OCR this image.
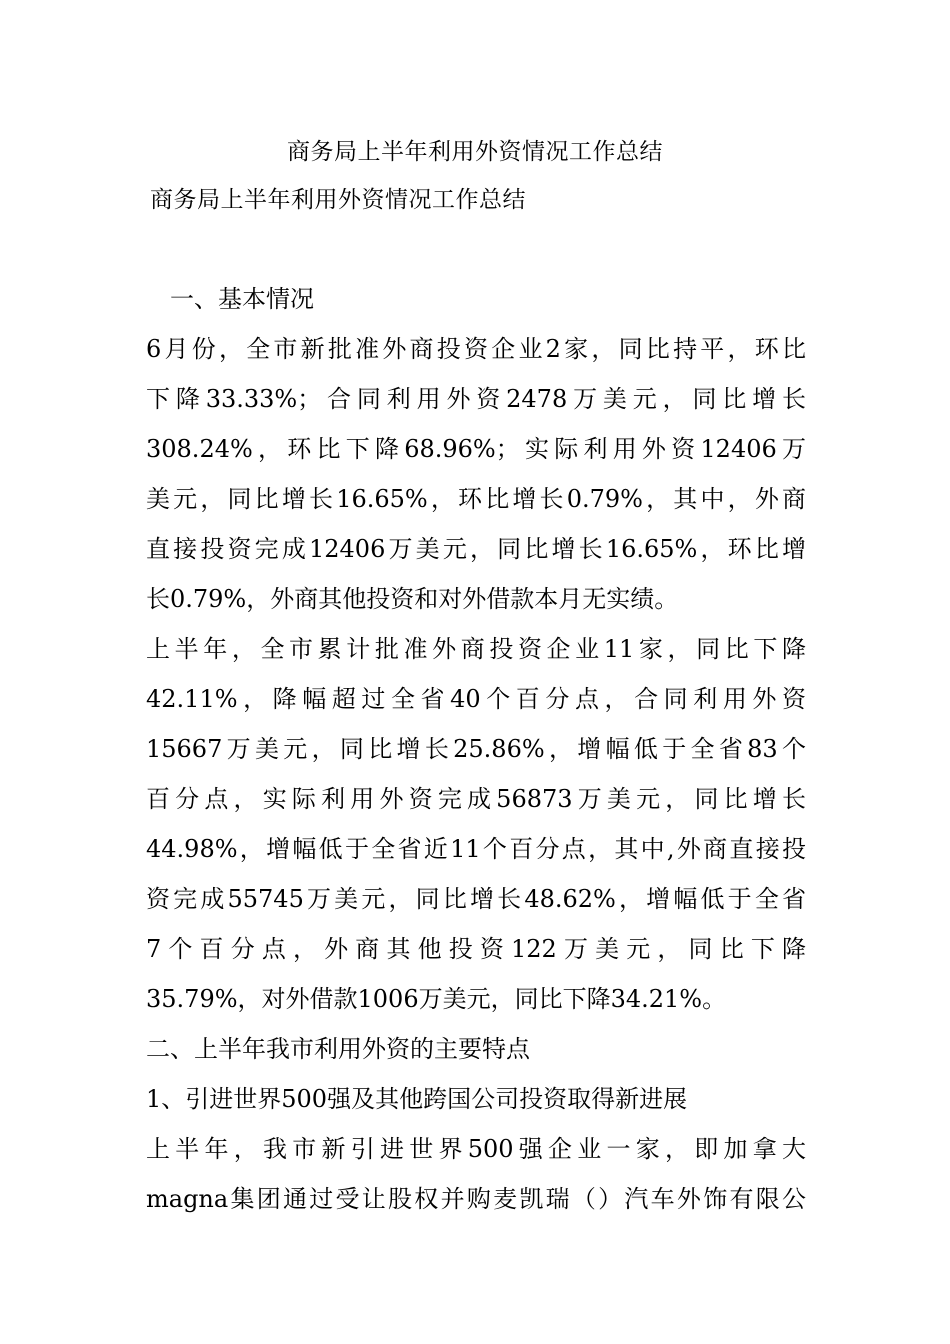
商务局上半年利用外资情况工作总结
商务局上半年利用外资情况工作总结
　一、基本情况
6月份，全市新批准外商投资企业2家，同比持平，环比
下降33.33%；合同利用外资2478万美元，同比增长
308.24%，环比下降68.96%；实际利用外资12406万
美元，同比增长16.65%，环比增长0.79%，其中，外商
直接投资完成12406万美元，同比增长16.65%，环比增
长0.79%，外商其他投资和对外借款本月无实绩。
上半年，全市累计批准外商投资企业11家，同比下降
42.11%，降幅超过全省40个百分点，合同利用外资
15667万美元，同比增长25.86%，增幅低于全省83个
百分点，实际利用外资完成56873万美元，同比增长
44.98%，增幅低于全省近11个百分点，其中,外商直接投
资完成55745万美元，同比增长48.62%，增幅低于全省
7个百分点，外商其他投资122万美元，同比下降
35.79%，对外借款1006万美元，同比下降34.21%。
二、上半年我市利用外资的主要特点
1、引进世界500强及其他跨国公司投资取得新进展
上半年，我市新引进世界500强企业一家，即加拿大
magna集团通过受让股权并购麦凯瑞（）汽车外饰有限公
